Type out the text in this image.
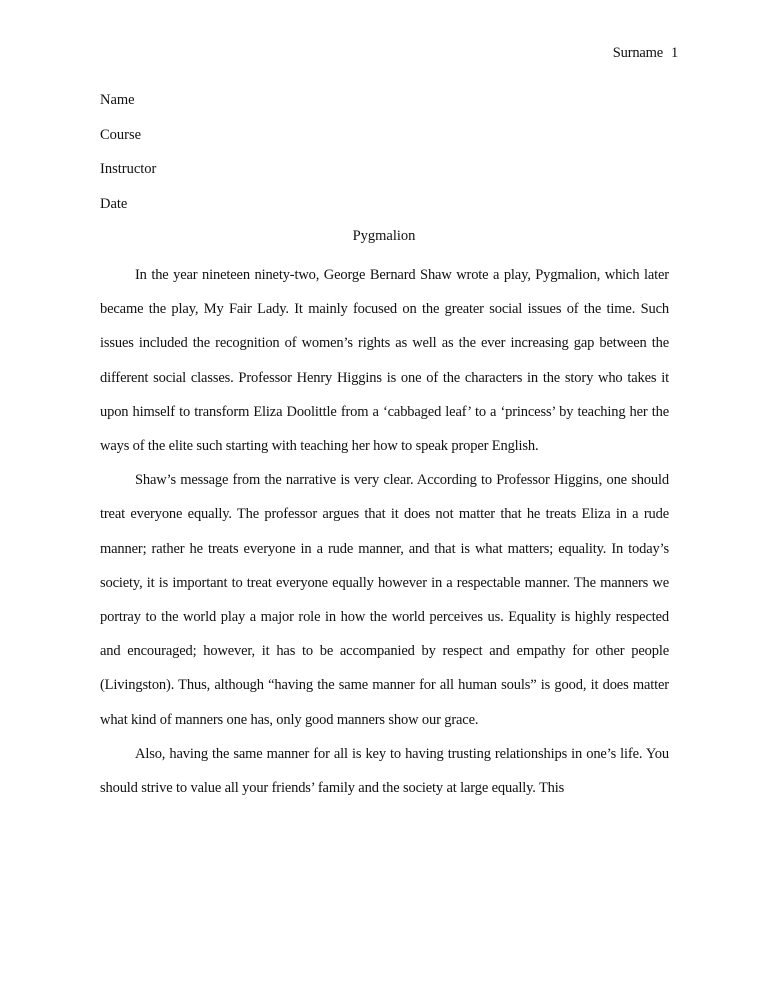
Surname 1
Name
Course
Instructor
Date
Pygmalion

In the year nineteen ninety-two, George Bernard Shaw wrote a play, Pygmalion, which later became the play, My Fair Lady. It mainly focused on the greater social issues of the time. Such issues included the recognition of women’s rights as well as the ever increasing gap between the different social classes. Professor Henry Higgins is one of the characters in the story who takes it upon himself to transform Eliza Doolittle from a ‘cabbaged leaf’ to a ‘princess’ by teaching her the ways of the elite such starting with teaching her how to speak proper English.

Shaw’s message from the narrative is very clear. According to Professor Higgins, one should treat everyone equally. The professor argues that it does not matter that he treats Eliza in a rude manner; rather he treats everyone in a rude manner, and that is what matters; equality. In today’s society, it is important to treat everyone equally however in a respectable manner. The manners we portray to the world play a major role in how the world perceives us. Equality is highly respected and encouraged; however, it has to be accompanied by respect and empathy for other people (Livingston). Thus, although “having the same manner for all human souls” is good, it does matter what kind of manners one has, only good manners show our grace.

Also, having the same manner for all is key to having trusting relationships in one’s life. You should strive to value all your friends’ family and the society at large equally. This
